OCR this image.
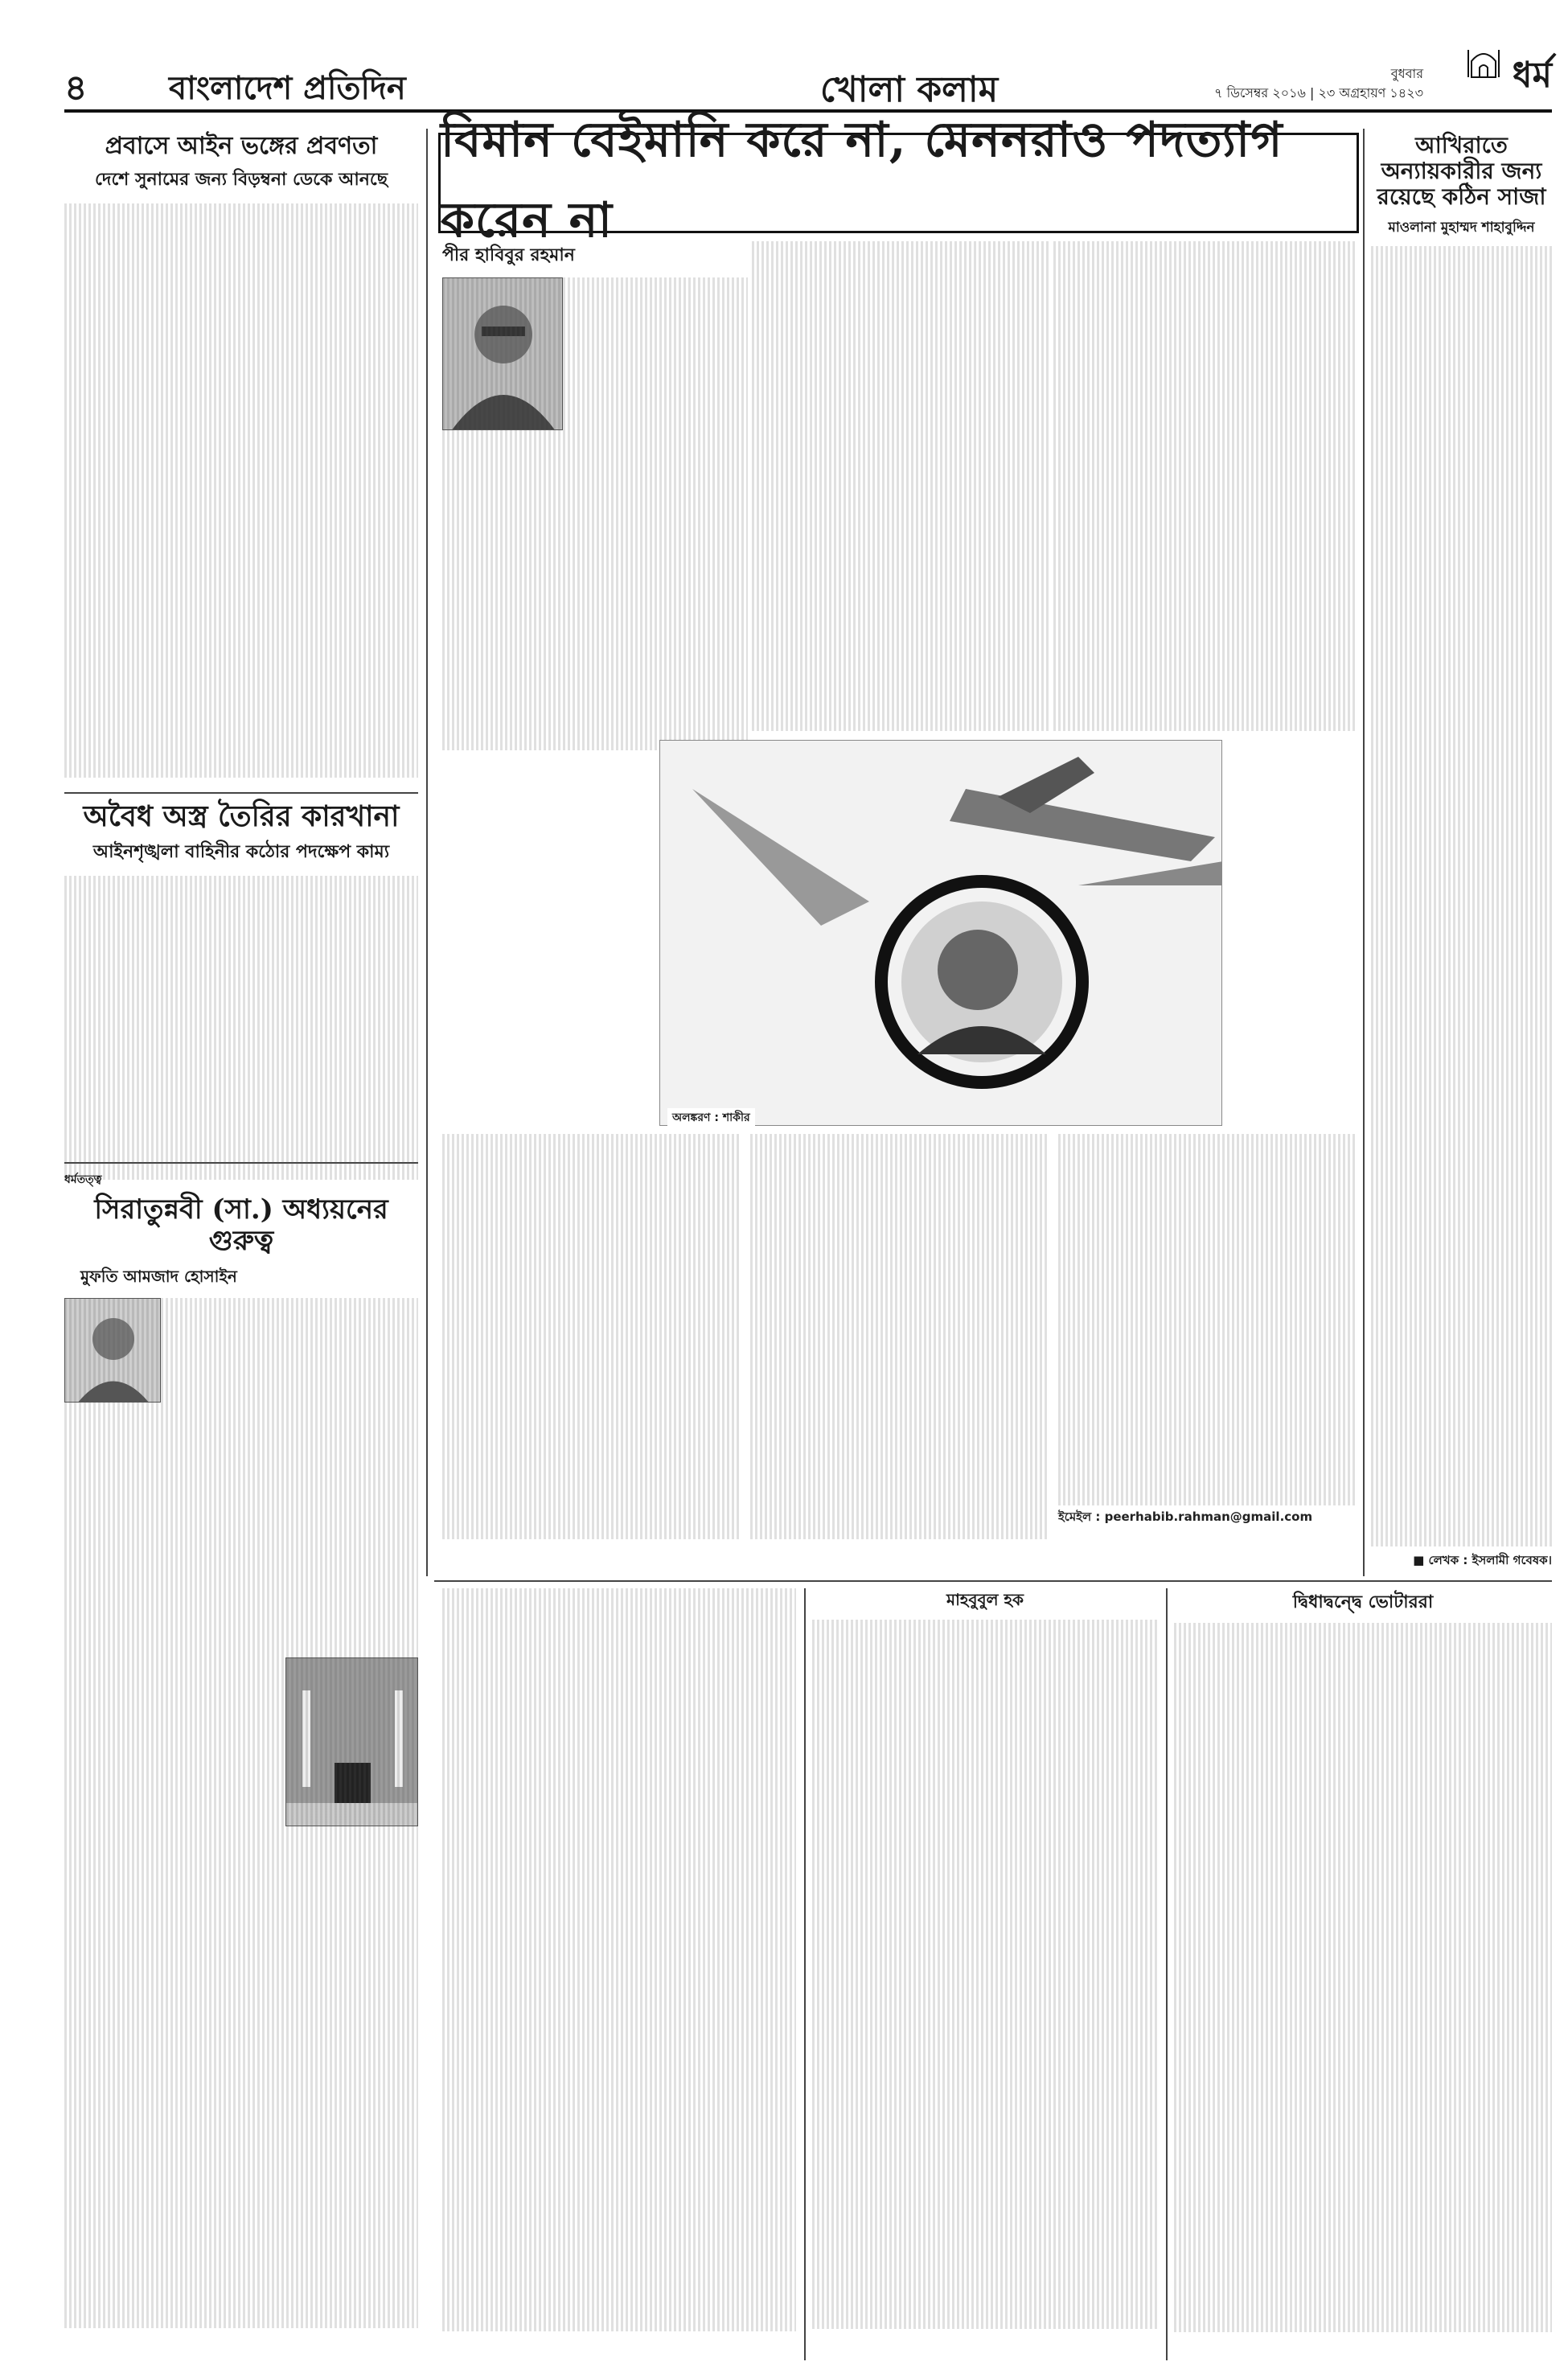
৪	বাংলাদেশ প্রতিদিন	খোলা কলাম	বুধবার
৭ ডিসেম্বর ২০১৬ | ২৩ অগ্রহায়ণ ১৪২৩	ধর্ম
প্রবাসে আইন ভঙ্গের প্রবণতা
দেশে সুনামের জন্য বিড়ম্বনা ডেকে আনছে
অবৈধ অস্ত্র তৈরির কারখানা
আইনশৃঙ্খলা বাহিনীর কঠোর পদক্ষেপ কাম্য
ধর্মতত্ত্ব
সিরাতুন্নবী (সা.) অধ্যয়নের গুরুত্ব
মুফতি আমজাদ হোসাইন
বিমান বেইমানি করে না, মেননরাও পদত্যাগ করেন না
পীর হাবিবুর রহমান
অলঙ্করণ : শাকীর
ইমেইল : peerhabib.rahman@gmail.com
আখিরাতে অন্যায়কারীর জন্য রয়েছে কঠিন সাজা
মাওলানা মুহাম্মদ শাহাবুদ্দিন
■ লেখক : ইসলামী গবেষক।
মাহবুবুল হক	দ্বিধাদ্বন্দ্বে ভোটাররা
